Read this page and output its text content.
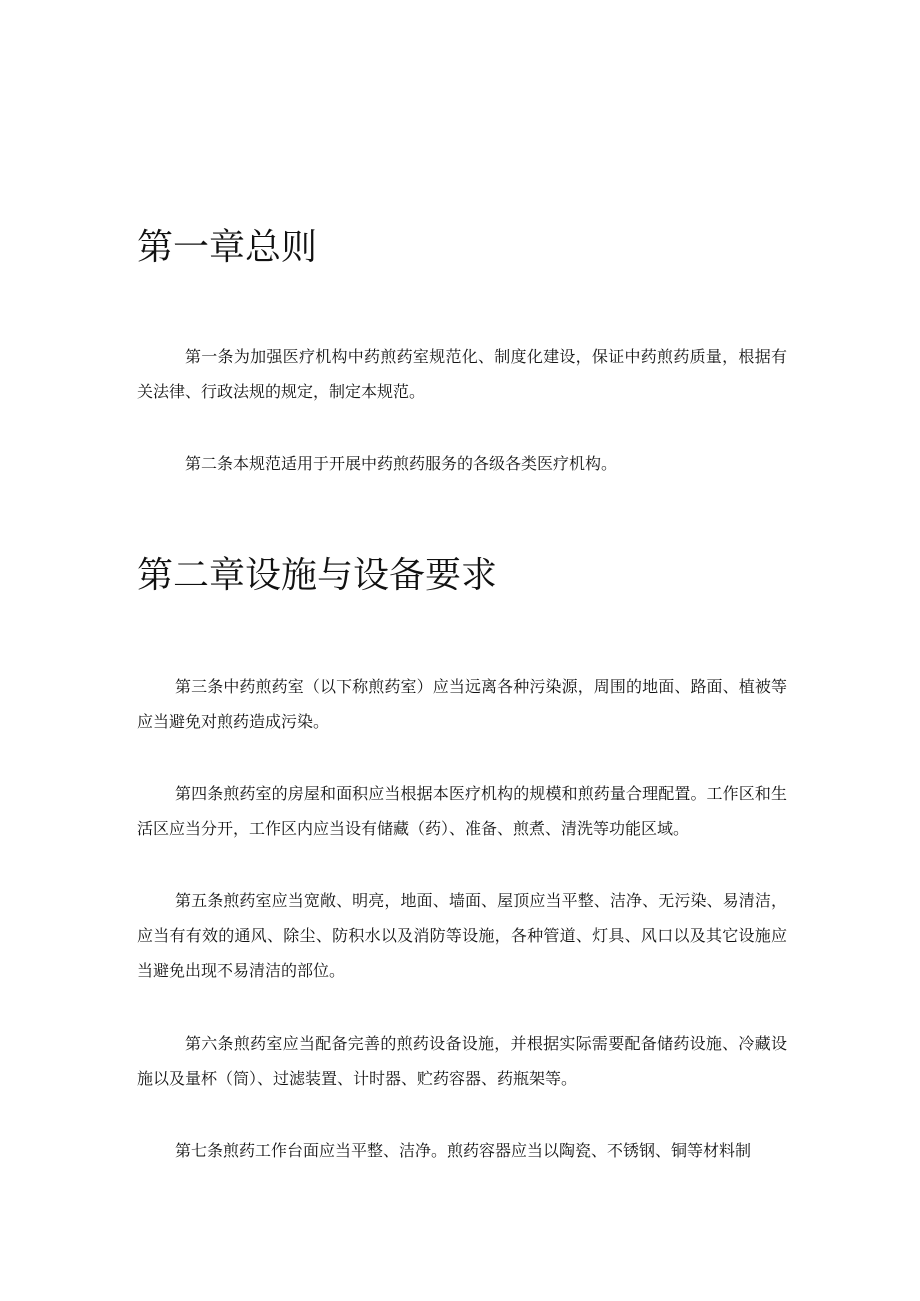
第一章总则

第一条为加强医疗机构中药煎药室规范化、制度化建设，保证中药煎药质量，根据有关法律、行政法规的规定，制定本规范。

第二条本规范适用于开展中药煎药服务的各级各类医疗机构。

第二章设施与设备要求

第三条中药煎药室（以下称煎药室）应当远离各种污染源，周围的地面、路面、植被等应当避免对煎药造成污染。

第四条煎药室的房屋和面积应当根据本医疗机构的规模和煎药量合理配置。工作区和生活区应当分开，工作区内应当设有储藏（药）、准备、煎煮、清洗等功能区域。

第五条煎药室应当宽敞、明亮，地面、墙面、屋顶应当平整、洁净、无污染、易清洁，应当有有效的通风、除尘、防积水以及消防等设施，各种管道、灯具、风口以及其它设施应当避免出现不易清洁的部位。

第六条煎药室应当配备完善的煎药设备设施，并根据实际需要配备储药设施、冷藏设施以及量杯（筒）、过滤装置、计时器、贮药容器、药瓶架等。

第七条煎药工作台面应当平整、洁净。煎药容器应当以陶瓷、不锈钢、铜等材料制
